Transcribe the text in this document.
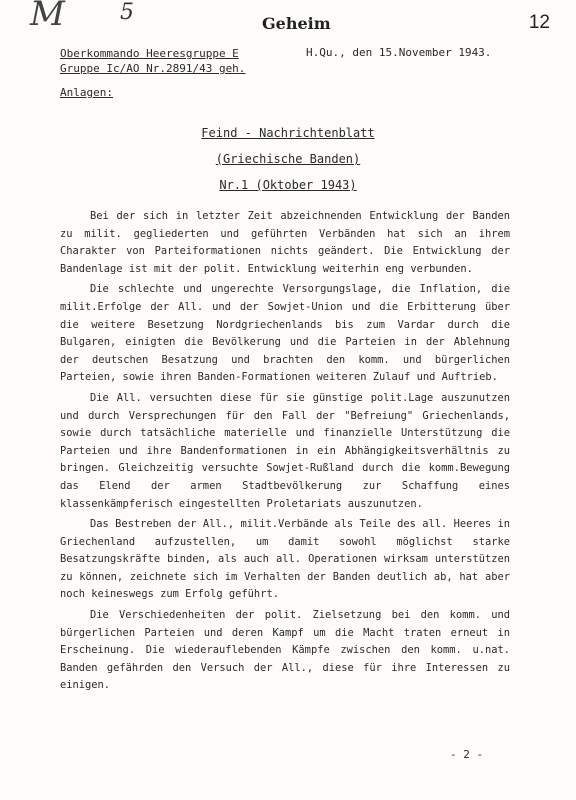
M 5	Geheim	12
Oberkommando Heeresgruppe E
Gruppe Ic/AO Nr.2891/43 geh.
H.Qu., den 15.November 1943.
Anlagen:
Feind - Nachrichtenblatt
(Griechische Banden)
Nr.1 (Oktober 1943)

Bei der sich in letzter Zeit abzeichnenden Entwicklung der Banden zu milit. gegliederten und geführten Verbänden hat sich an ihrem Charakter von Parteiformationen nichts geändert. Die Entwicklung der Bandenlage ist mit der polit. Entwicklung weiterhin eng verbunden.

Die schlechte und ungerechte Versorgungslage, die Inflation, die milit.Erfolge der All. und der Sowjet-Union und die Erbitterung über die weitere Besetzung Nordgriechenlands bis zum Vardar durch die Bulgaren, einigten die Bevölkerung und die Parteien in der Ablehnung der deutschen Besatzung und brachten den komm. und bürgerlichen Parteien, sowie ihren Banden-Formationen weiteren Zulauf und Auftrieb.

Die All. versuchten diese für sie günstige polit.Lage auszunutzen und durch Versprechungen für den Fall der "Befreiung" Griechenlands, sowie durch tatsächliche materielle und finanzielle Unterstützung die Parteien und ihre Bandenformationen in ein Abhängigkeitsverhältnis zu bringen. Gleichzeitig versuchte Sowjet-Rußland durch die komm.Bewegung das Elend der armen Stadtbevölkerung zur Schaffung eines klassenkämpferisch eingestellten Proletariats auszunutzen.

Das Bestreben der All., milit.Verbände als Teile des all. Heeres in Griechenland aufzustellen, um damit sowohl möglichst starke Besatzungskräfte binden, als auch all. Operationen wirksam unterstützen zu können, zeichnete sich im Verhalten der Banden deutlich ab, hat aber noch keineswegs zum Erfolg geführt.

Die Verschiedenheiten der polit. Zielsetzung bei den komm. und bürgerlichen Parteien und deren Kampf um die Macht traten erneut in Erscheinung. Die wiederauflebenden Kämpfe zwischen den komm. u.nat. Banden gefährden den Versuch der All., diese für ihre Interessen zu einigen.

- 2 -
